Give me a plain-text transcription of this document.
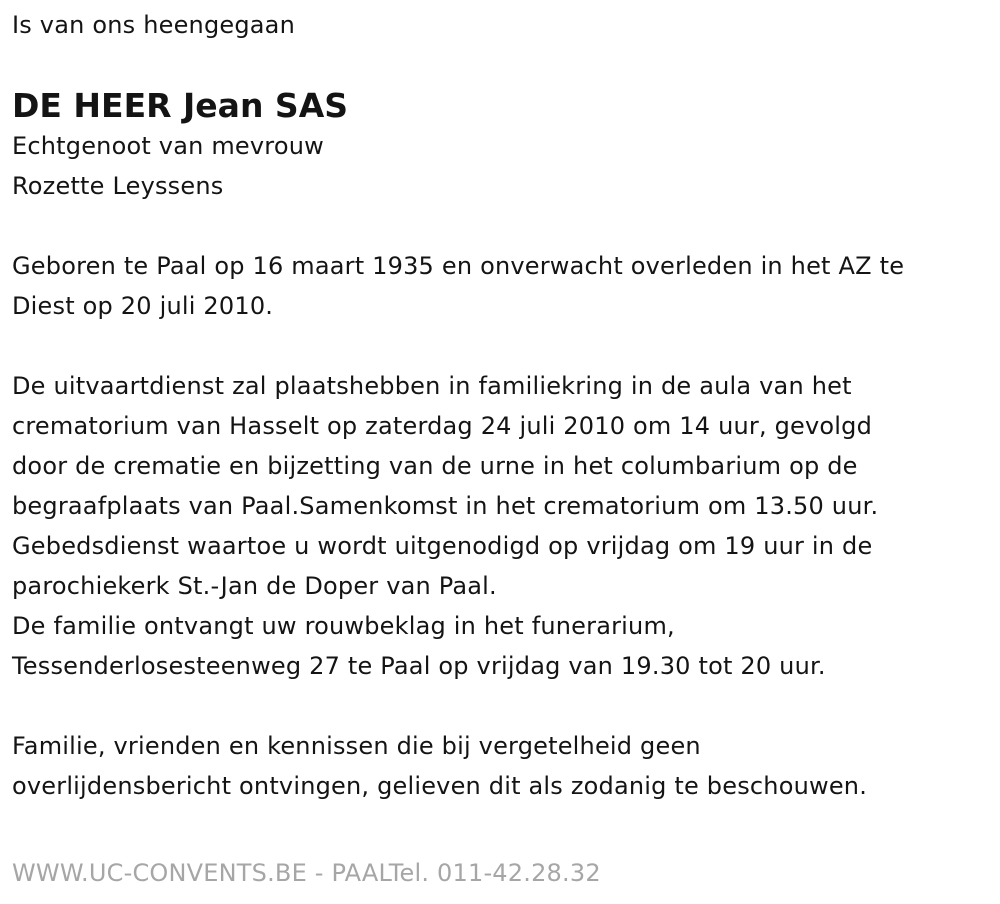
Is van ons heengegaan
DE HEER Jean SAS
Echtgenoot van mevrouw
Rozette Leyssens
Geboren te Paal op 16 maart 1935 en onverwacht overleden in het AZ te
Diest op 20 juli 2010.
De uitvaartdienst zal plaatshebben in familiekring in de aula van het
crematorium van Hasselt op zaterdag 24 juli 2010 om 14 uur, gevolgd
door de crematie en bijzetting van de urne in het columbarium op de
begraafplaats van Paal.Samenkomst in het crematorium om 13.50 uur.
Gebedsdienst waartoe u wordt uitgenodigd op vrijdag om 19 uur in de
parochiekerk St.-Jan de Doper van Paal.
De familie ontvangt uw rouwbeklag in het funerarium,
Tessenderlosesteenweg 27 te Paal op vrijdag van 19.30 tot 20 uur.
Familie, vrienden en kennissen die bij vergetelheid geen
overlijdensbericht ontvingen, gelieven dit als zodanig te beschouwen.
WWW.UC-CONVENTS.BE - PAALTel. 011-42.28.32
